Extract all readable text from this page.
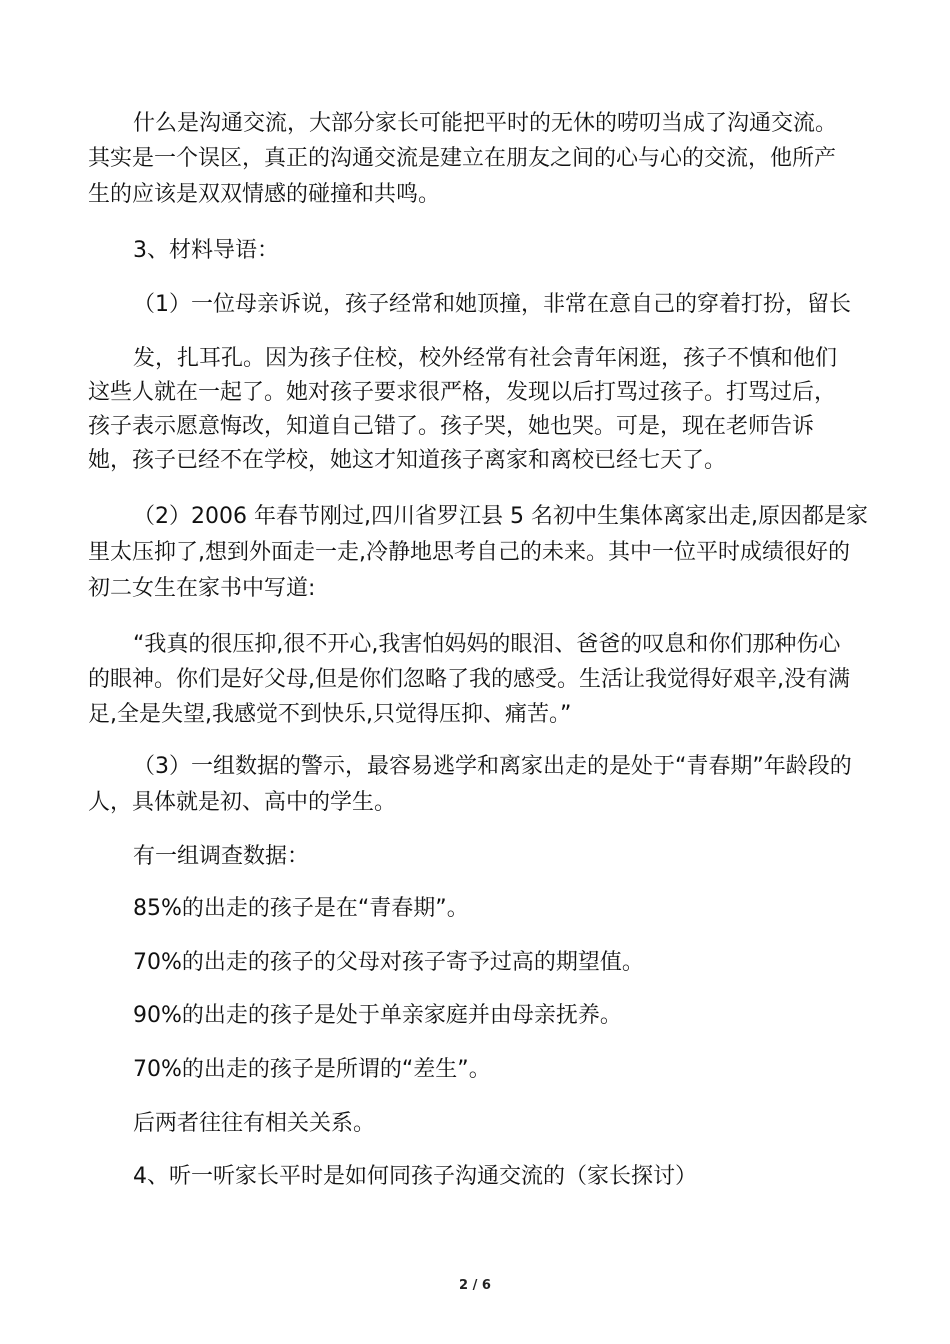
什么是沟通交流，大部分家长可能把平时的无休的唠叨当成了沟通交流。
其实是一个误区，真正的沟通交流是建立在朋友之间的心与心的交流，他所产
生的应该是双双情感的碰撞和共鸣。
3、材料导语：
（1）一位母亲诉说，孩子经常和她顶撞，非常在意自己的穿着打扮，留长
发，扎耳孔。因为孩子住校，校外经常有社会青年闲逛，孩子不慎和他们
这些人就在一起了。她对孩子要求很严格，发现以后打骂过孩子。打骂过后，
孩子表示愿意悔改，知道自己错了。孩子哭，她也哭。可是，现在老师告诉
她，孩子已经不在学校，她这才知道孩子离家和离校已经七天了。
（2）2006 年春节刚过,四川省罗江县 5 名初中生集体离家出走,原因都是家
里太压抑了,想到外面走一走,冷静地思考自己的未来。其中一位平时成绩很好的
初二女生在家书中写道:
“我真的很压抑,很不开心,我害怕妈妈的眼泪、爸爸的叹息和你们那种伤心
的眼神。你们是好父母,但是你们忽略了我的感受。生活让我觉得好艰辛,没有满
足,全是失望,我感觉不到快乐,只觉得压抑、痛苦。”
（3）一组数据的警示，最容易逃学和离家出走的是处于“青春期”年龄段的
人，具体就是初、高中的学生。
有一组调查数据：
85%的出走的孩子是在“青春期”。
70%的出走的孩子的父母对孩子寄予过高的期望值。
90%的出走的孩子是处于单亲家庭并由母亲抚养。
70%的出走的孩子是所谓的“差生”。
后两者往往有相关关系。
4、听一听家长平时是如何同孩子沟通交流的（家长探讨）
2 / 6
